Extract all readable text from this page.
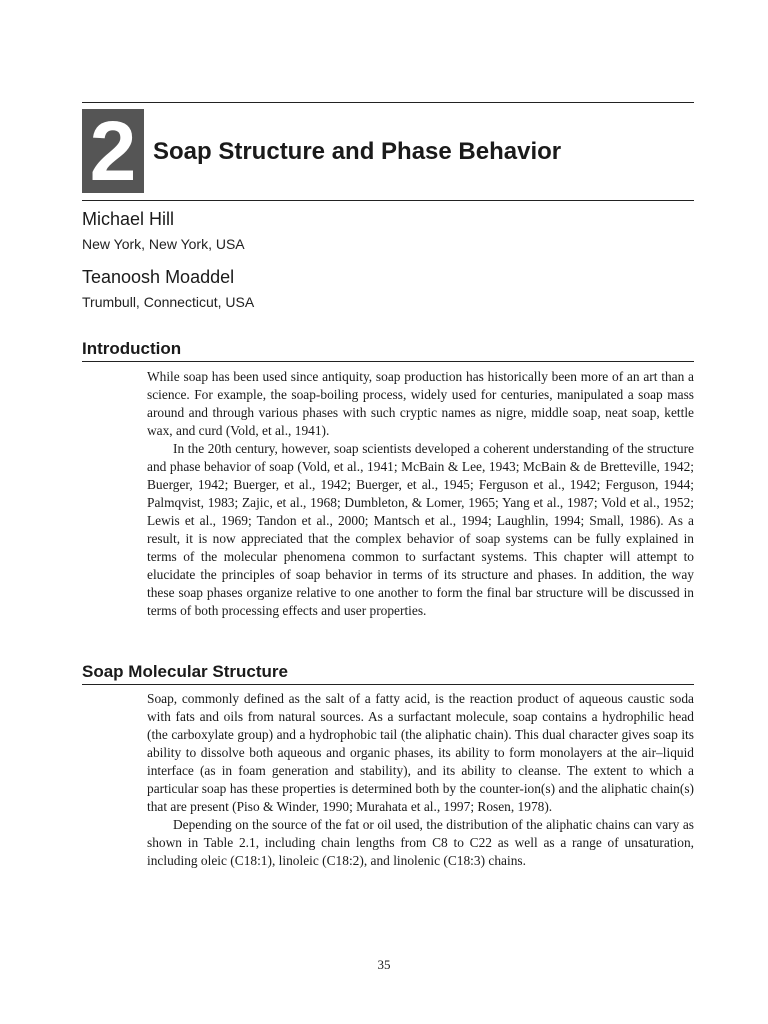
2 Soap Structure and Phase Behavior

Michael Hill

New York, New York, USA

Teanoosh Moaddel

Trumbull, Connecticut, USA

Introduction

While soap has been used since antiquity, soap production has historically been more of an art than a science. For example, the soap-boiling process, widely used for centuries, manipulated a soap mass around and through various phases with such cryptic names as nigre, middle soap, neat soap, kettle wax, and curd (Vold, et al., 1941).

In the 20th century, however, soap scientists developed a coherent understanding of the structure and phase behavior of soap (Vold, et al., 1941; McBain & Lee, 1943; McBain & de Bretteville, 1942; Buerger, 1942; Buerger, et al., 1942; Buerger, et al., 1945; Ferguson et al., 1942; Ferguson, 1944; Palmqvist, 1983; Zajic, et al., 1968; Dumbleton, & Lomer, 1965; Yang et al., 1987; Vold et al., 1952; Lewis et al., 1969; Tandon et al., 2000; Mantsch et al., 1994; Laughlin, 1994; Small, 1986). As a result, it is now appreciated that the complex behavior of soap systems can be fully explained in terms of the molecular phenomena common to surfactant systems. This chapter will attempt to elucidate the principles of soap behavior in terms of its structure and phases. In addition, the way these soap phases organize relative to one another to form the final bar structure will be discussed in terms of both processing effects and user properties.

Soap Molecular Structure

Soap, commonly defined as the salt of a fatty acid, is the reaction product of aqueous caustic soda with fats and oils from natural sources. As a surfactant molecule, soap contains a hydrophilic head (the carboxylate group) and a hydrophobic tail (the aliphatic chain). This dual character gives soap its ability to dissolve both aqueous and organic phases, its ability to form monolayers at the air–liquid interface (as in foam generation and stability), and its ability to cleanse. The extent to which a particular soap has these properties is determined both by the counter-ion(s) and the aliphatic chain(s) that are present (Piso & Winder, 1990; Murahata et al., 1997; Rosen, 1978).

Depending on the source of the fat or oil used, the distribution of the aliphatic chains can vary as shown in Table 2.1, including chain lengths from C8 to C22 as well as a range of unsaturation, including oleic (C18:1), linoleic (C18:2), and linolenic (C18:3) chains.

35
